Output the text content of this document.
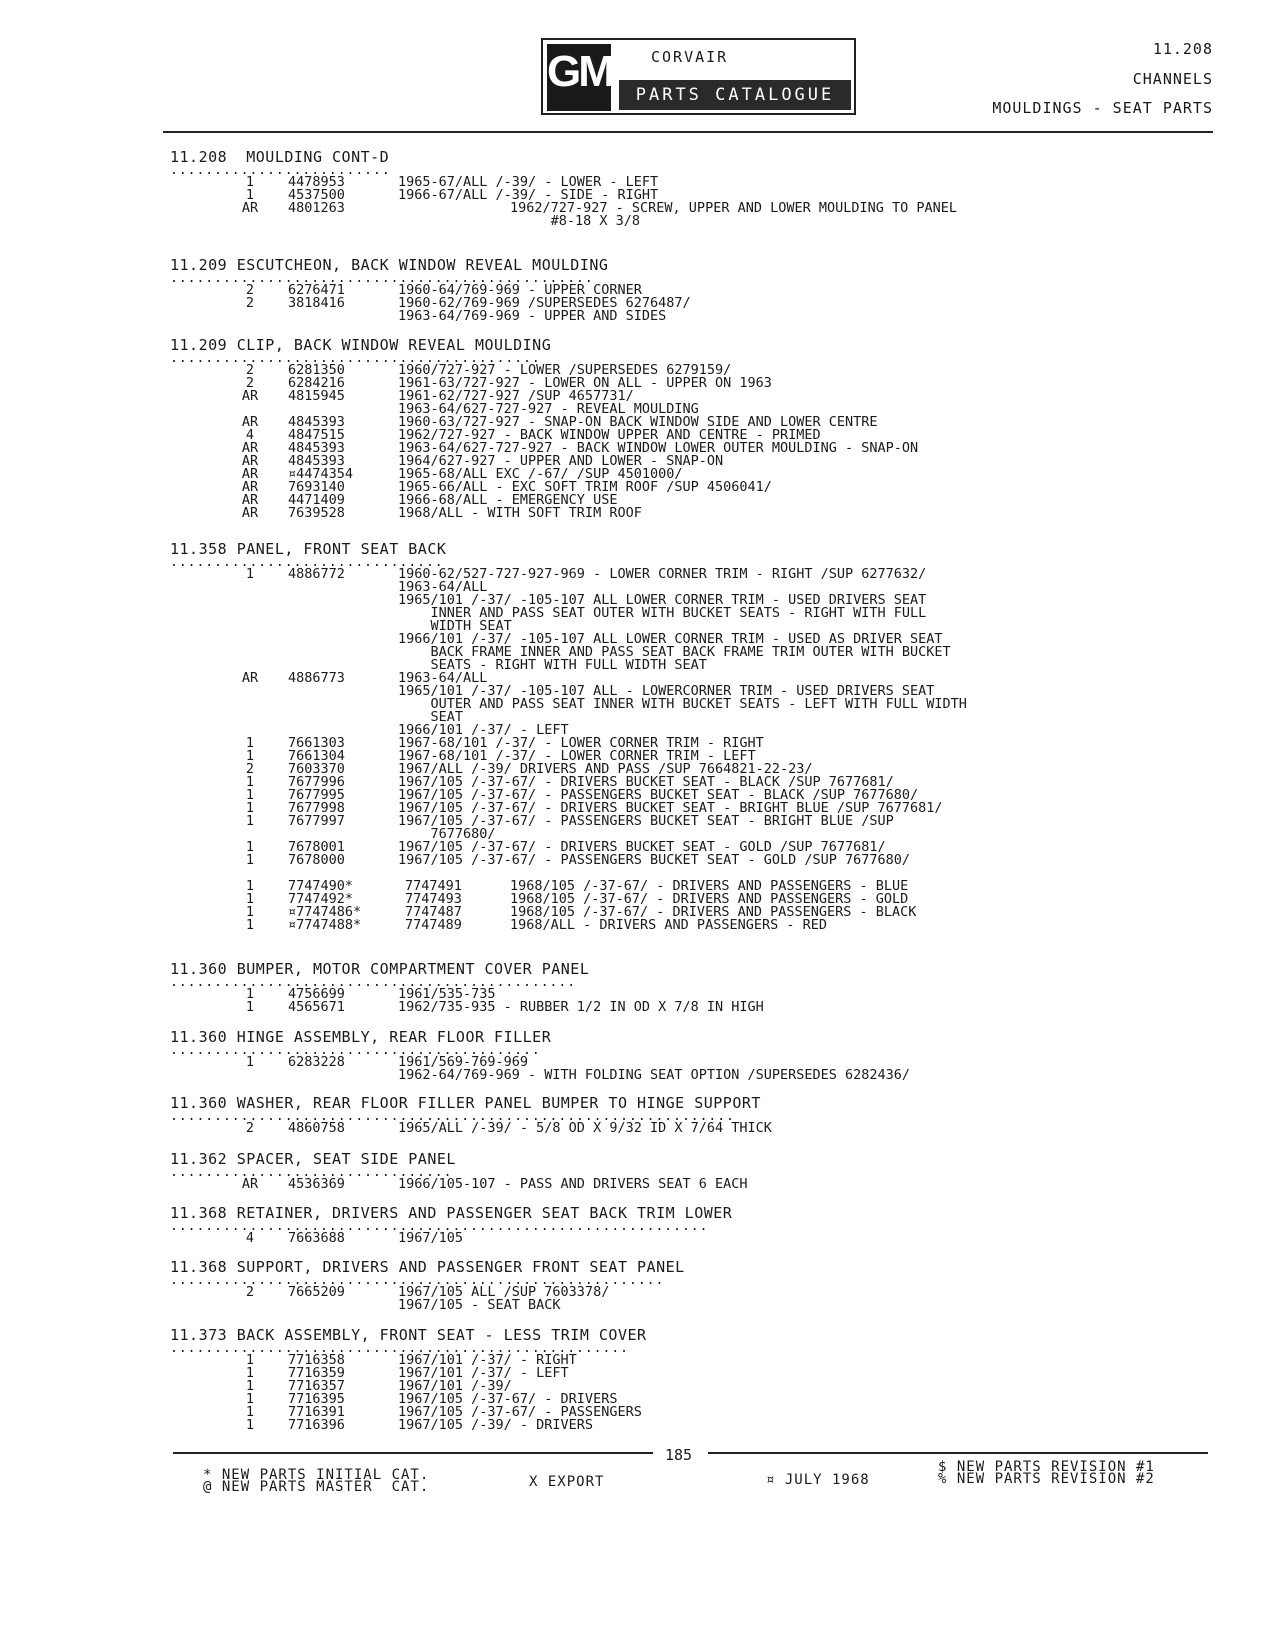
GM	CORVAIR
PARTS CATALOGUE
11.208
CHANNELS
MOULDINGS - SEAT PARTS
11.208  MOULDING CONT-D
.........................
1	4478953	1965-67/ALL /-39/ - LOWER - LEFT
1	4537500	1966-67/ALL /-39/ - SIDE - RIGHT
AR	4801263	1962/727-927 - SCREW, UPPER AND LOWER MOULDING TO PANEL
#8-18 X 3/8
11.209 ESCUTCHEON, BACK WINDOW REVEAL MOULDING
................................................
2	6276471	1960-64/769-969 - UPPER CORNER
2	3818416	1960-62/769-969 /SUPERSEDES 6276487/
1963-64/769-969 - UPPER AND SIDES
11.209 CLIP, BACK WINDOW REVEAL MOULDING
..........................................
2	6281350	1960/727-927 - LOWER /SUPERSEDES 6279159/
2	6284216	1961-63/727-927 - LOWER ON ALL - UPPER ON 1963
AR	4815945	1961-62/727-927 /SUP 4657731/
1963-64/627-727-927 - REVEAL MOULDING
AR	4845393	1960-63/727-927 - SNAP-ON BACK WINDOW SIDE AND LOWER CENTRE
4	4847515	1962/727-927 - BACK WINDOW UPPER AND CENTRE - PRIMED
AR	4845393	1963-64/627-727-927 - BACK WINDOW LOWER OUTER MOULDING - SNAP-ON
AR	4845393	1964/627-927 - UPPER AND LOWER - SNAP-ON
AR	¤4474354	1965-68/ALL EXC /-67/ /SUP 4501000/
AR	7693140	1965-66/ALL - EXC SOFT TRIM ROOF /SUP 4506041/
AR	4471409	1966-68/ALL - EMERGENCY USE
AR	7639528	1968/ALL - WITH SOFT TRIM ROOF
11.358 PANEL, FRONT SEAT BACK
...............................
1	4886772	1960-62/527-727-927-969 - LOWER CORNER TRIM - RIGHT /SUP 6277632/
1963-64/ALL
1965/101 /-37/ -105-107 ALL LOWER CORNER TRIM - USED DRIVERS SEAT
INNER AND PASS SEAT OUTER WITH BUCKET SEATS - RIGHT WITH FULL
WIDTH SEAT
1966/101 /-37/ -105-107 ALL LOWER CORNER TRIM - USED AS DRIVER SEAT
BACK FRAME INNER AND PASS SEAT BACK FRAME TRIM OUTER WITH BUCKET
SEATS - RIGHT WITH FULL WIDTH SEAT
AR	4886773	1963-64/ALL
1965/101 /-37/ -105-107 ALL - LOWERCORNER TRIM - USED DRIVERS SEAT
OUTER AND PASS SEAT INNER WITH BUCKET SEATS - LEFT WITH FULL WIDTH
SEAT
1966/101 /-37/ - LEFT
1	7661303	1967-68/101 /-37/ - LOWER CORNER TRIM - RIGHT
1	7661304	1967-68/101 /-37/ - LOWER CORNER TRIM - LEFT
2	7603370	1967/ALL /-39/ DRIVERS AND PASS /SUP 7664821-22-23/
1	7677996	1967/105 /-37-67/ - DRIVERS BUCKET SEAT - BLACK /SUP 7677681/
1	7677995	1967/105 /-37-67/ - PASSENGERS BUCKET SEAT - BLACK /SUP 7677680/
1	7677998	1967/105 /-37-67/ - DRIVERS BUCKET SEAT - BRIGHT BLUE /SUP 7677681/
1	7677997	1967/105 /-37-67/ - PASSENGERS BUCKET SEAT - BRIGHT BLUE /SUP
7677680/
1	7678001	1967/105 /-37-67/ - DRIVERS BUCKET SEAT - GOLD /SUP 7677681/
1	7678000	1967/105 /-37-67/ - PASSENGERS BUCKET SEAT - GOLD /SUP 7677680/
1	7747490*	7747491	1968/105 /-37-67/ - DRIVERS AND PASSENGERS - BLUE
1	7747492*	7747493	1968/105 /-37-67/ - DRIVERS AND PASSENGERS - GOLD
1	¤7747486*	7747487	1968/105 /-37-67/ - DRIVERS AND PASSENGERS - BLACK
1	¤7747488*	7747489	1968/ALL - DRIVERS AND PASSENGERS - RED
11.360 BUMPER, MOTOR COMPARTMENT COVER PANEL
..............................................
1	4756699	1961/535-735
1	4565671	1962/735-935 - RUBBER 1/2 IN OD X 7/8 IN HIGH
11.360 HINGE ASSEMBLY, REAR FLOOR FILLER
..........................................
1	6283228	1961/569-769-969
1962-64/769-969 - WITH FOLDING SEAT OPTION /SUPERSEDES 6282436/
11.360 WASHER, REAR FLOOR FILLER PANEL BUMPER TO HINGE SUPPORT
................................................................
2	4860758	1965/ALL /-39/ - 5/8 OD X 9/32 ID X 7/64 THICK
11.362 SPACER, SEAT SIDE PANEL
................................
AR	4536369	1966/105-107 - PASS AND DRIVERS SEAT 6 EACH
11.368 RETAINER, DRIVERS AND PASSENGER SEAT BACK TRIM LOWER
.............................................................
4	7663688	1967/105
11.368 SUPPORT, DRIVERS AND PASSENGER FRONT SEAT PANEL
........................................................
2	7665209	1967/105 ALL /SUP 7603378/
1967/105 - SEAT BACK
11.373 BACK ASSEMBLY, FRONT SEAT - LESS TRIM COVER
....................................................
1	7716358	1967/101 /-37/ - RIGHT
1	7716359	1967/101 /-37/ - LEFT
1	7716357	1967/101 /-39/
1	7716395	1967/105 /-37-67/ - DRIVERS
1	7716391	1967/105 /-37-67/ - PASSENGERS
1	7716396	1967/105 /-39/ - DRIVERS
185
* NEW PARTS INITIAL CAT.
@ NEW PARTS MASTER  CAT.	X EXPORT	¤ JULY 1968
$ NEW PARTS REVISION #1
% NEW PARTS REVISION #2
